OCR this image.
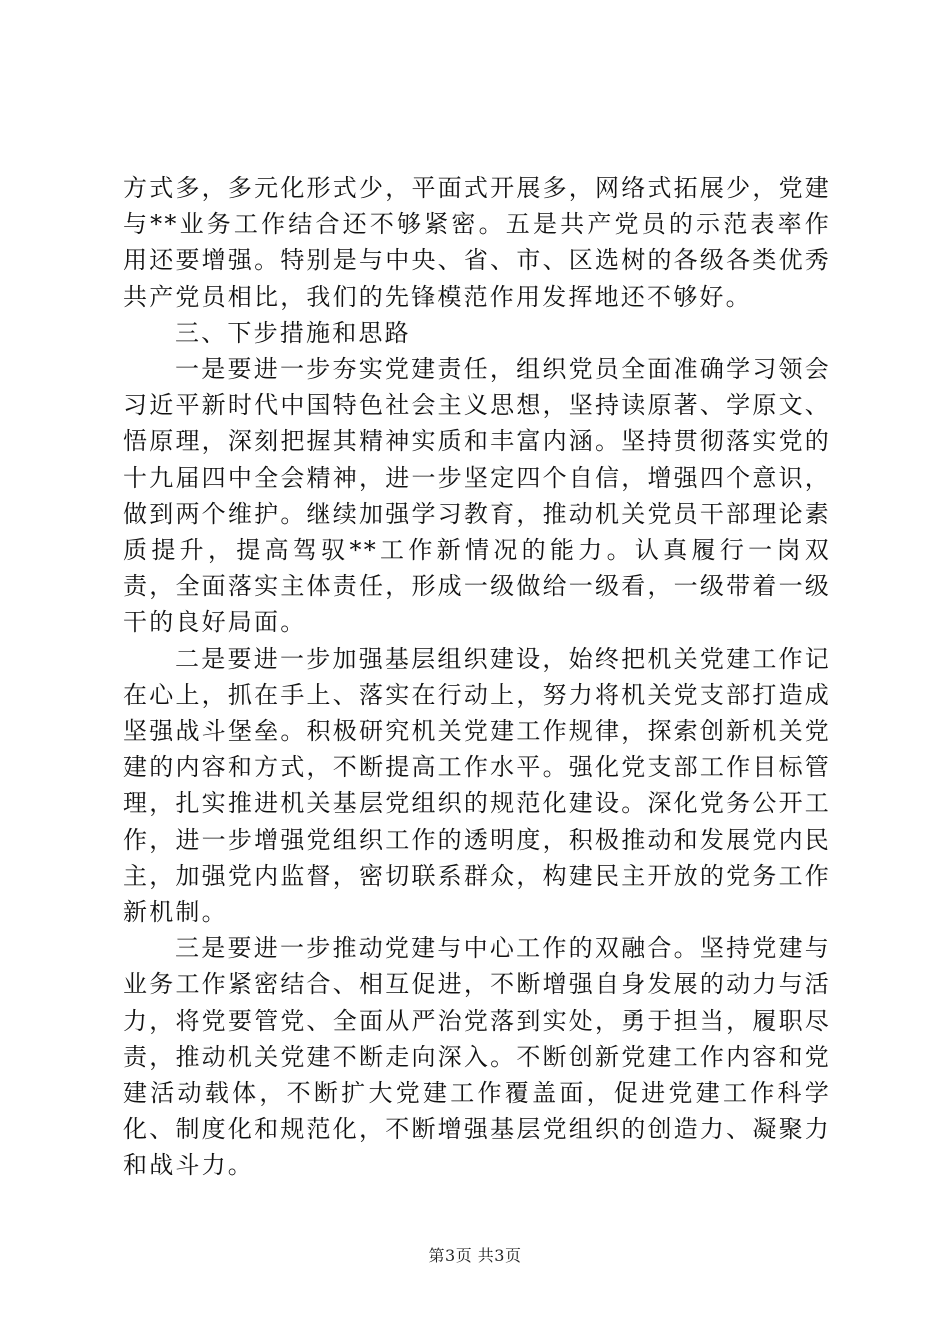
方式多，多元化形式少，平面式开展多，网络式拓展少，党建与**业务工作结合还不够紧密。五是共产党员的示范表率作用还要增强。特别是与中央、省、市、区选树的各级各类优秀共产党员相比，我们的先锋模范作用发挥地还不够好。

三、下步措施和思路

一是要进一步夯实党建责任，组织党员全面准确学习领会习近平新时代中国特色社会主义思想，坚持读原著、学原文、悟原理，深刻把握其精神实质和丰富内涵。坚持贯彻落实党的十九届四中全会精神，进一步坚定四个自信，增强四个意识，做到两个维护。继续加强学习教育，推动机关党员干部理论素质提升，提高驾驭**工作新情况的能力。认真履行一岗双责，全面落实主体责任，形成一级做给一级看，一级带着一级干的良好局面。

二是要进一步加强基层组织建设，始终把机关党建工作记在心上，抓在手上、落实在行动上，努力将机关党支部打造成坚强战斗堡垒。积极研究机关党建工作规律，探索创新机关党建的内容和方式，不断提高工作水平。强化党支部工作目标管理，扎实推进机关基层党组织的规范化建设。深化党务公开工作，进一步增强党组织工作的透明度，积极推动和发展党内民主，加强党内监督，密切联系群众，构建民主开放的党务工作新机制。

三是要进一步推动党建与中心工作的双融合。坚持党建与业务工作紧密结合、相互促进，不断增强自身发展的动力与活力，将党要管党、全面从严治党落到实处，勇于担当，履职尽责，推动机关党建不断走向深入。不断创新党建工作内容和党建活动载体，不断扩大党建工作覆盖面，促进党建工作科学化、制度化和规范化，不断增强基层党组织的创造力、凝聚力和战斗力。

第3页 共3页
